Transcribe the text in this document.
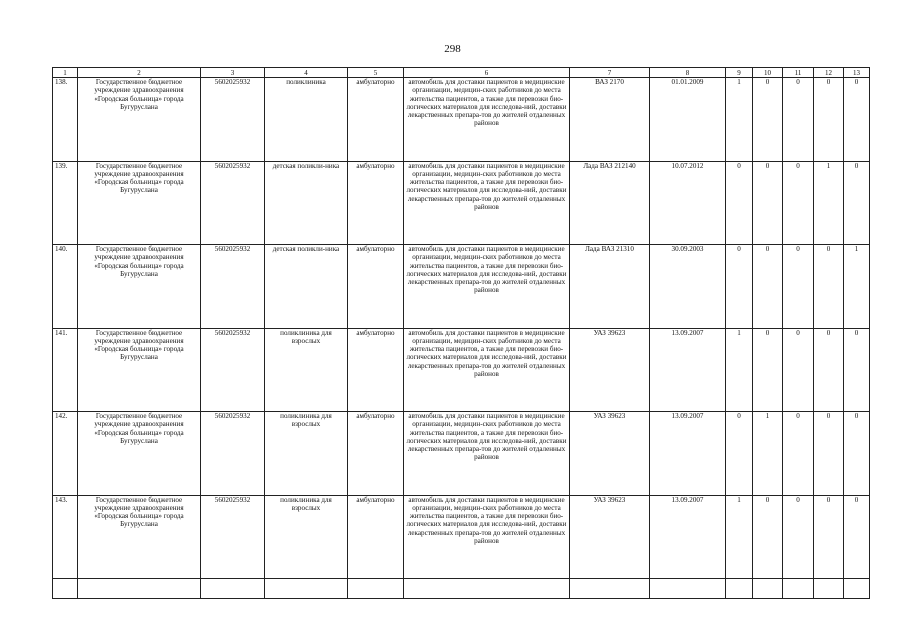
298
1	2	3	4	5	6	7	8	9	10	11	12	13
138.	Государственное бюджетное учреждение здравоохранения «Городская больница» города Бугуруслана	5602025932	поликлиника	амбулаторно	автомобиль для доставки пациентов в медицинские организации, медицин-ских работников до места жительства пациентов, а также для перевозки био-логических материалов для исследова-ний, доставки лекарственных препара-тов до жителей отдаленных районов	ВАЗ 2170	01.01.2009	1	0	0	0	0
139.	Государственное бюджетное учреждение здравоохранения «Городская больница» города Бугуруслана	5602025932	детская поликли-ника	амбулаторно	автомобиль для доставки пациентов в медицинские организации, медицин-ских работников до места жительства пациентов, а также для перевозки био-логических материалов для исследова-ний, доставки лекарственных препара-тов до жителей отдаленных районов	Лада ВАЗ 212140	10.07.2012	0	0	0	1	0
140.	Государственное бюджетное учреждение здравоохранения «Городская больница» города Бугуруслана	5602025932	детская поликли-ника	амбулаторно	автомобиль для доставки пациентов в медицинские организации, медицин-ских работников до места жительства пациентов, а также для перевозки био-логических материалов для исследова-ний, доставки лекарственных препара-тов до жителей отдаленных районов	Лада ВАЗ 21310	30.09.2003	0	0	0	0	1
141.	Государственное бюджетное учреждение здравоохранения «Городская больница» города Бугуруслана	5602025932	поликлиника для взрослых	амбулаторно	автомобиль для доставки пациентов в медицинские организации, медицин-ских работников до места жительства пациентов, а также для перевозки био-логических материалов для исследова-ний, доставки лекарственных препара-тов до жителей отдаленных районов	УАЗ 39623	13.09.2007	1	0	0	0	0
142.	Государственное бюджетное учреждение здравоохранения «Городская больница» города Бугуруслана	5602025932	поликлиника для взрослых	амбулаторно	автомобиль для доставки пациентов в медицинские организации, медицин-ских работников до места жительства пациентов, а также для перевозки био-логических материалов для исследова-ний, доставки лекарственных препара-тов до жителей отдаленных районов	УАЗ 39623	13.09.2007	0	1	0	0	0
143.	Государственное бюджетное учреждение здравоохранения «Городская больница» города Бугуруслана	5602025932	поликлиника для взрослых	амбулаторно	автомобиль для доставки пациентов в медицинские организации, медицин-ских работников до места жительства пациентов, а также для перевозки био-логических материалов для исследова-ний, доставки лекарственных препара-тов до жителей отдаленных районов	УАЗ 39623	13.09.2007	1	0	0	0	0
